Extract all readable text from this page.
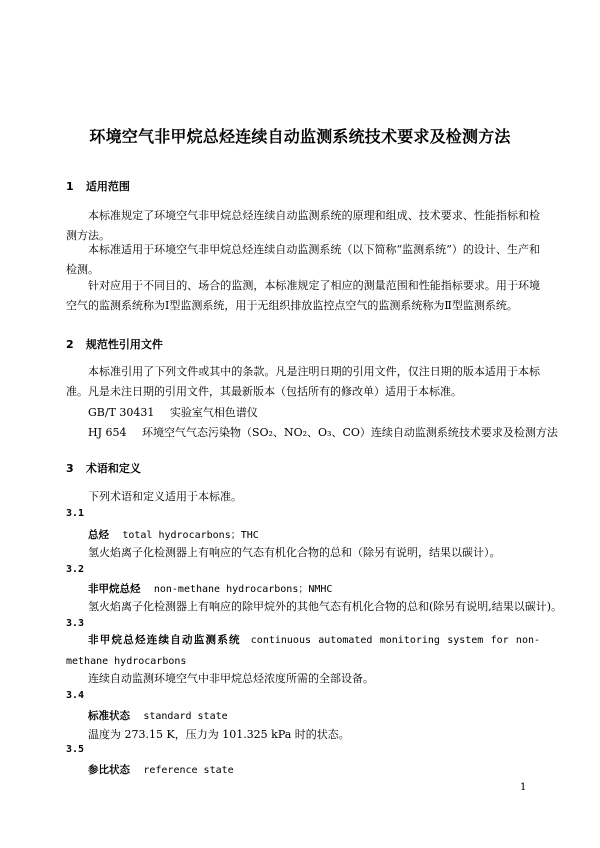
环境空气非甲烷总烃连续自动监测系统技术要求及检测方法
1 适用范围

本标准规定了环境空气非甲烷总烃连续自动监测系统的原理和组成、技术要求、性能指标和检测方法。

本标准适用于环境空气非甲烷总烃连续自动监测系统（以下简称“监测系统”）的设计、生产和检测。

针对应用于不同目的、场合的监测，本标准规定了相应的测量范围和性能指标要求。用于环境空气的监测系统称为Ⅰ型监测系统，用于无组织排放监控点空气的监测系统称为Ⅱ型监测系统。

2 规范性引用文件

本标准引用了下列文件或其中的条款。凡是注明日期的引用文件，仅注日期的版本适用于本标准。凡是未注日期的引用文件，其最新版本（包括所有的修改单）适用于本标准。

GB/T 30431 实验室气相色谱仪
HJ 654 环境空气气态污染物（SO₂、NO₂、O₃、CO）连续自动监测系统技术要求及检测方法
3 术语和定义
下列术语和定义适用于本标准。
3.1
总烃 total hydrocarbons；THC
氢火焰离子化检测器上有响应的气态有机化合物的总和（除另有说明，结果以碳计）。
3.2
非甲烷总烃 non-methane hydrocarbons；NMHC
氢火焰离子化检测器上有响应的除甲烷外的其他气态有机化合物的总和(除另有说明,结果以碳计)。
3.3

非甲烷总烃连续自动监测系统 continuous automated monitoring system for non-methane hydrocarbons

连续自动监测环境空气中非甲烷总烃浓度所需的全部设备。
3.4
标准状态 standard state
温度为 273.15 K，压力为 101.325 kPa 时的状态。
3.5
参比状态 reference state
1
